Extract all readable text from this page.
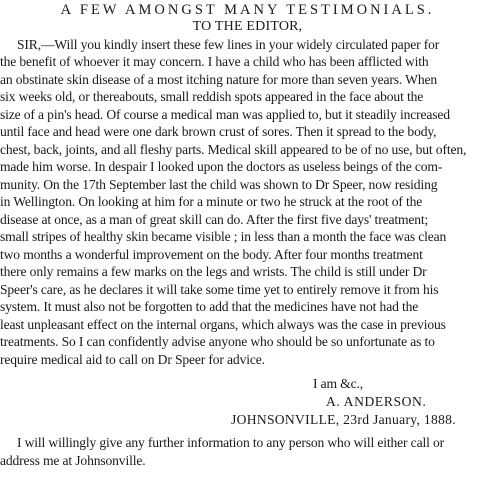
A FEW AMONGST MANY TESTIMONIALS.
TO THE EDITOR,
SIR,—Will you kindly insert these few lines in your widely circulated paper for
the benefit of whoever it may concern. I have a child who has been afflicted with
an obstinate skin disease of a most itching nature for more than seven years. When
six weeks old, or thereabouts, small reddish spots appeared in the face about the
size of a pin's head. Of course a medical man was applied to, but it steadily increased
until face and head were one dark brown crust of sores. Then it spread to the body,
chest, back, joints, and all fleshy parts. Medical skill appeared to be of no use, but often,
made him worse. In despair I looked upon the doctors as useless beings of the com-
munity. On the 17th September last the child was shown to Dr Speer, now residing
in Wellington. On looking at him for a minute or two he struck at the root of the
disease at once, as a man of great skill can do. After the first five days' treatment;
small stripes of healthy skin became visible ; in less than a month the face was clean
two months a wonderful improvement on the body. After four months treatment
there only remains a few marks on the legs and wrists. The child is still under Dr
Speer's care, as he declares it will take some time yet to entirely remove it from his
system. It must also not be forgotten to add that the medicines have not had the
least unpleasant effect on the internal organs, which always was the case in previous
treatments. So I can confidently advise anyone who should be so unfortunate as to
require medical aid to call on Dr Speer for advice.
I am &c.,
A. ANDERSON.
JOHNSONVILLE, 23rd January, 1888.
I will willingly give any further information to any person who will either call or
address me at Johnsonville.
